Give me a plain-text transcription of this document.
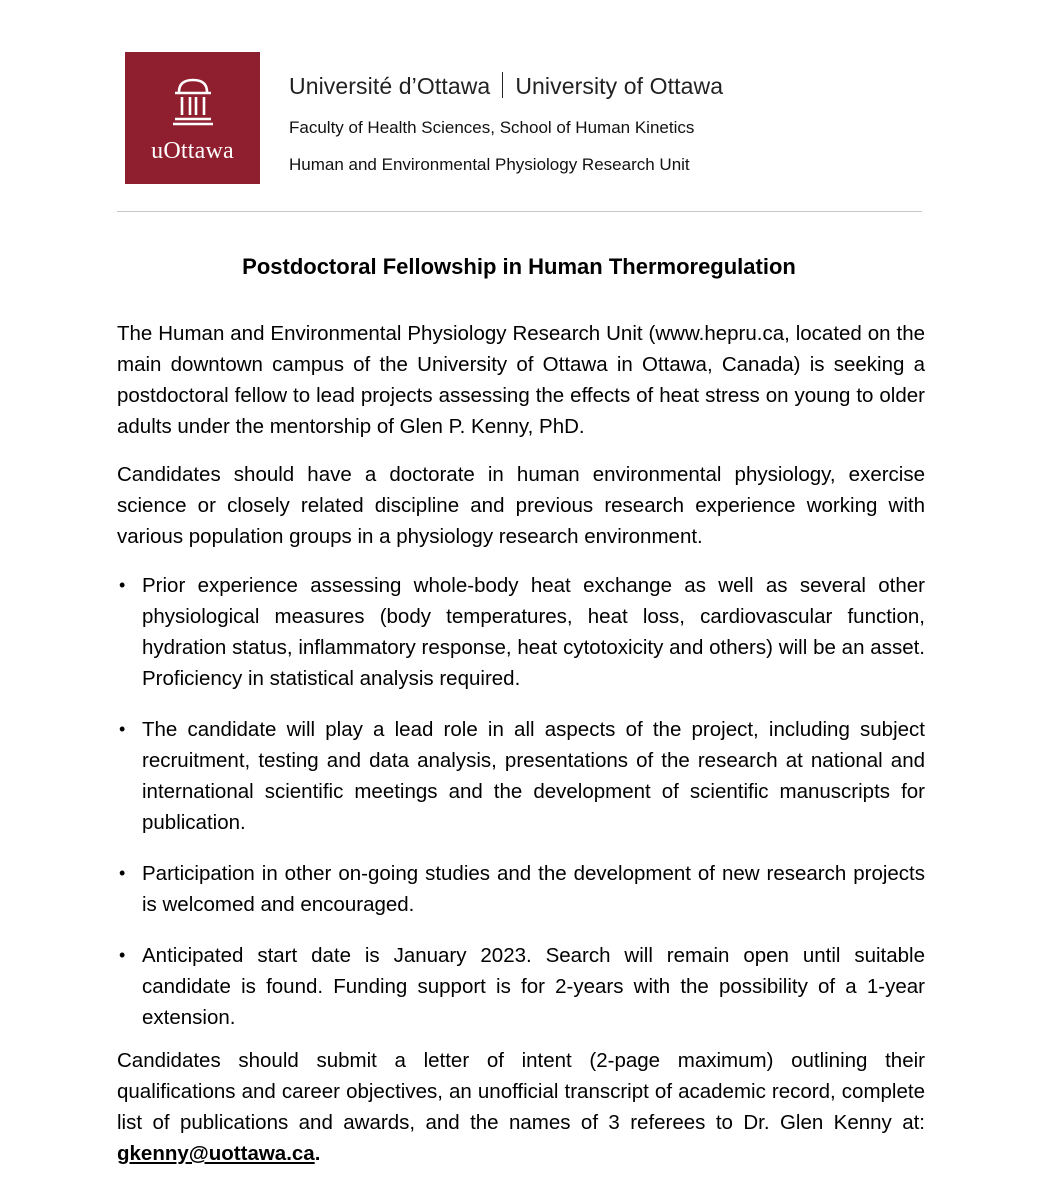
uOttawa
Université d’Ottawa University of Ottawa
Faculty of Health Sciences, School of Human Kinetics
Human and Environmental Physiology Research Unit
Postdoctoral Fellowship in Human Thermoregulation
The Human and Environmental Physiology Research Unit (www.hepru.ca, located on the main downtown campus of the University of Ottawa in Ottawa, Canada) is seeking a postdoctoral fellow to lead projects assessing the effects of heat stress on young to older adults under the mentorship of Glen P. Kenny, PhD.
Candidates should have a doctorate in human environmental physiology, exercise science or closely related discipline and previous research experience working with various population groups in a physiology research environment.
• Prior experience assessing whole-body heat exchange as well as several other physiological measures (body temperatures, heat loss, cardiovascular function, hydration status, inflammatory response, heat cytotoxicity and others) will be an asset. Proficiency in statistical analysis required.
• The candidate will play a lead role in all aspects of the project, including subject recruitment, testing and data analysis, presentations of the research at national and international scientific meetings and the development of scientific manuscripts for publication.
• Participation in other on-going studies and the development of new research projects is welcomed and encouraged.
• Anticipated start date is January 2023. Search will remain open until suitable candidate is found. Funding support is for 2-years with the possibility of a 1-year extension.
Candidates should submit a letter of intent (2-page maximum) outlining their qualifications and career objectives, an unofficial transcript of academic record, complete list of publications and awards, and the names of 3 referees to Dr. Glen Kenny at: gkenny@uottawa.ca.
